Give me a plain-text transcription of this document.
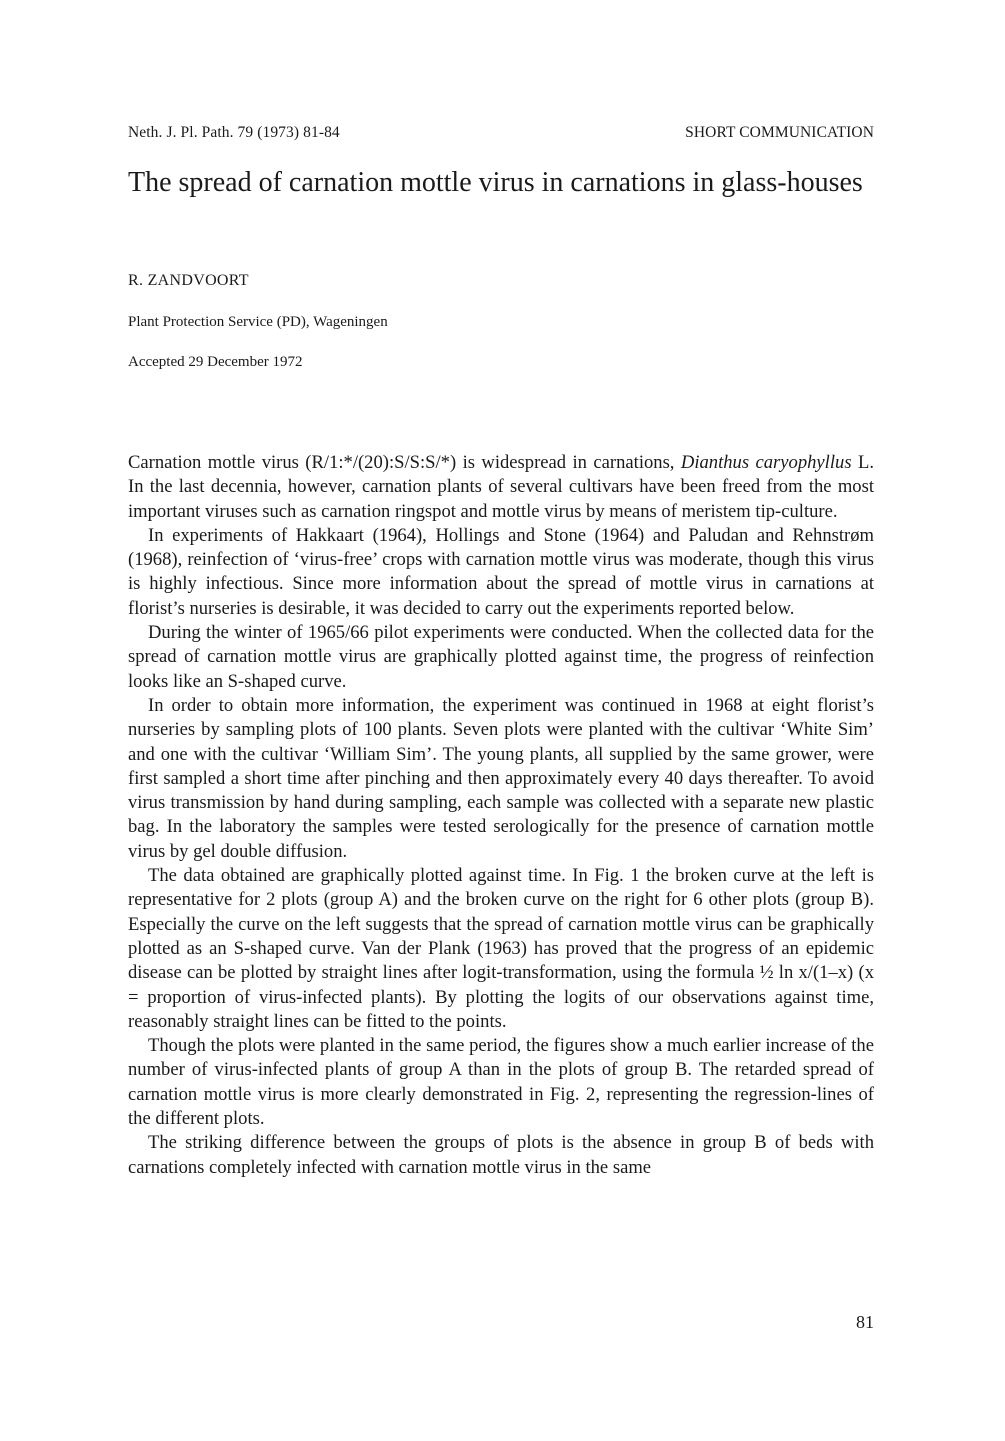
Neth. J. Pl. Path. 79 (1973) 81-84	SHORT COMMUNICATION
The spread of carnation mottle virus in carnations in glass-houses
R. ZANDVOORT
Plant Protection Service (PD), Wageningen
Accepted 29 December 1972

Carnation mottle virus (R/1:*/(20):S/S:S/*) is widespread in carnations, Dianthus caryophyllus L. In the last decennia, however, carnation plants of several cultivars have been freed from the most important viruses such as carnation ringspot and mottle virus by means of meristem tip-culture.

In experiments of Hakkaart (1964), Hollings and Stone (1964) and Paludan and Rehnstrøm (1968), reinfection of ‘virus-free’ crops with carnation mottle virus was moderate, though this virus is highly infectious. Since more information about the spread of mottle virus in carnations at florist’s nurseries is desirable, it was decided to carry out the experiments reported below.

During the winter of 1965/66 pilot experiments were conducted. When the collected data for the spread of carnation mottle virus are graphically plotted against time, the progress of reinfection looks like an S-shaped curve.

In order to obtain more information, the experiment was continued in 1968 at eight florist’s nurseries by sampling plots of 100 plants. Seven plots were planted with the cultivar ‘White Sim’ and one with the cultivar ‘William Sim’. The young plants, all supplied by the same grower, were first sampled a short time after pinching and then approximately every 40 days thereafter. To avoid virus transmission by hand during sampling, each sample was collected with a separate new plastic bag. In the laboratory the samples were tested serologically for the presence of carnation mottle virus by gel double diffusion.

The data obtained are graphically plotted against time. In Fig. 1 the broken curve at the left is representative for 2 plots (group A) and the broken curve on the right for 6 other plots (group B). Especially the curve on the left suggests that the spread of carnation mottle virus can be graphically plotted as an S-shaped curve. Van der Plank (1963) has proved that the progress of an epidemic disease can be plotted by straight lines after logit-transformation, using the formula ½ ln x/(1–x) (x = proportion of virus-infected plants). By plotting the logits of our observations against time, reasonably straight lines can be fitted to the points.

Though the plots were planted in the same period, the figures show a much earlier increase of the number of virus-infected plants of group A than in the plots of group B. The retarded spread of carnation mottle virus is more clearly demonstrated in Fig. 2, representing the regression-lines of the different plots.

The striking difference between the groups of plots is the absence in group B of beds with carnations completely infected with carnation mottle virus in the same

81
